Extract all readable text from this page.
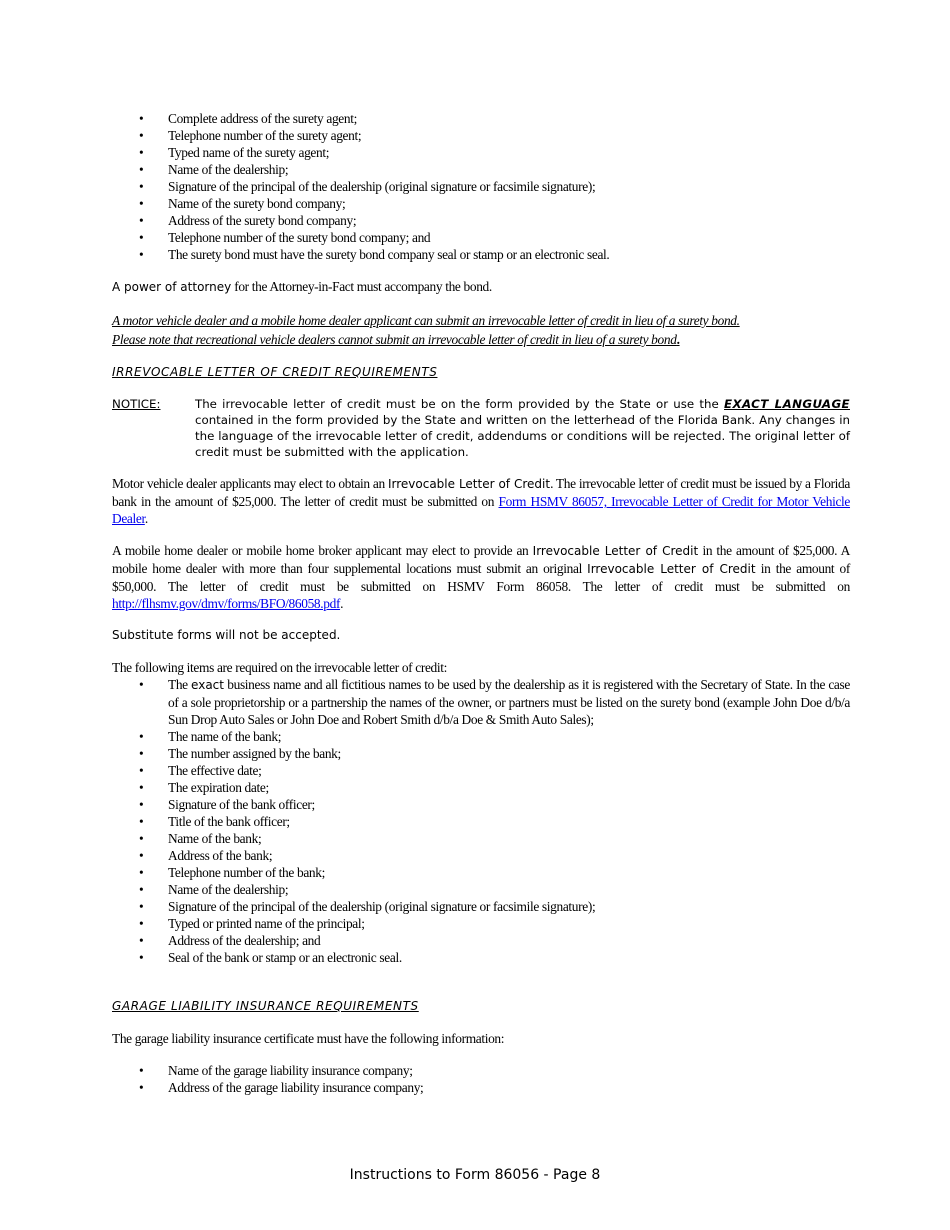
• Complete address of the surety agent;
• Telephone number of the surety agent;
• Typed name of the surety agent;
• Name of the dealership;
• Signature of the principal of the dealership (original signature or facsimile signature);
• Name of the surety bond company;
• Address of the surety bond company;
• Telephone number of the surety bond company; and
• The surety bond must have the surety bond company seal or stamp or an electronic seal.

A power of attorney for the Attorney-in-Fact must accompany the bond.

A motor vehicle dealer and a mobile home dealer applicant can submit an irrevocable letter of credit in lieu of a surety bond.
Please note that recreational vehicle dealers cannot submit an irrevocable letter of credit in lieu of a surety bond.

IRREVOCABLE LETTER OF CREDIT REQUIREMENTS

NOTICE:	The irrevocable letter of credit must be on the form provided by the State or use the EXACT LANGUAGE contained in the form provided by the State and written on the letterhead of the Florida Bank. Any changes in the language of the irrevocable letter of credit, addendums or conditions will be rejected. The original letter of credit must be submitted with the application.

Motor vehicle dealer applicants may elect to obtain an Irrevocable Letter of Credit. The irrevocable letter of credit must be issued by a Florida bank in the amount of $25,000. The letter of credit must be submitted on Form HSMV 86057, Irrevocable Letter of Credit for Motor Vehicle Dealer.

A mobile home dealer or mobile home broker applicant may elect to provide an Irrevocable Letter of Credit in the amount of $25,000. A mobile home dealer with more than four supplemental locations must submit an original Irrevocable Letter of Credit in the amount of $50,000. The letter of credit must be submitted on HSMV Form 86058. The letter of credit must be submitted on http://flhsmv.gov/dmv/forms/BFO/86058.pdf.

Substitute forms will not be accepted.

The following items are required on the irrevocable letter of credit:

• The exact business name and all fictitious names to be used by the dealership as it is registered with the Secretary of State. In the case of a sole proprietorship or a partnership the names of the owner, or partners must be listed on the surety bond (example John Doe d/b/a Sun Drop Auto Sales or John Doe and Robert Smith d/b/a Doe & Smith Auto Sales);
• The name of the bank;
• The number assigned by the bank;
• The effective date;
• The expiration date;
• Signature of the bank officer;
• Title of the bank officer;
• Name of the bank;
• Address of the bank;
• Telephone number of the bank;
• Name of the dealership;
• Signature of the principal of the dealership (original signature or facsimile signature);
• Typed or printed name of the principal;
• Address of the dealership; and
• Seal of the bank or stamp or an electronic seal.

GARAGE LIABILITY INSURANCE REQUIREMENTS

The garage liability insurance certificate must have the following information:

• Name of the garage liability insurance company;
• Address of the garage liability insurance company;
Instructions to Form 86056 - Page 8
